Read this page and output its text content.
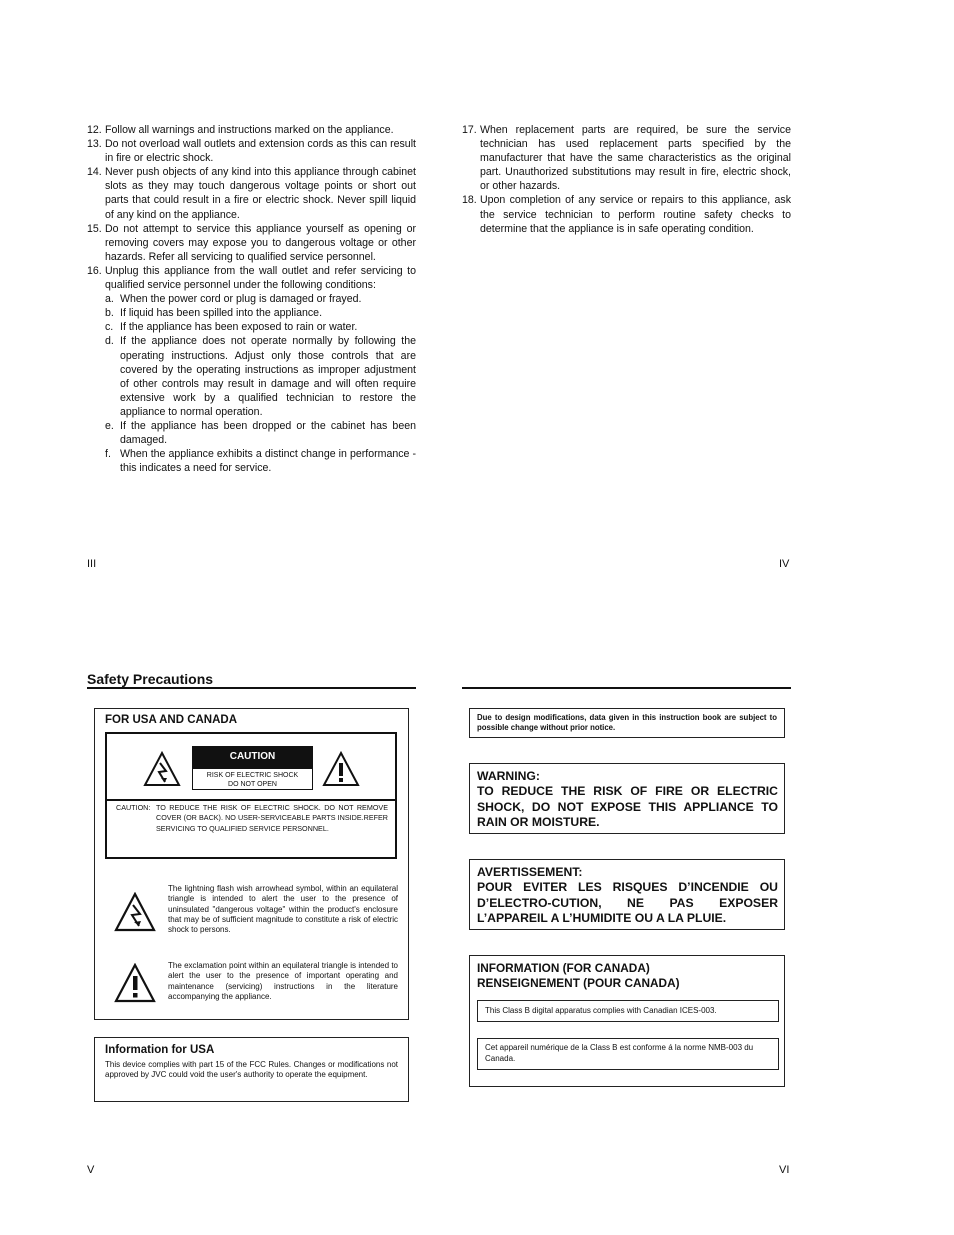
12. Follow all warnings and instructions marked on the appliance.
13. Do not overload wall outlets and extension cords as this can result in fire or electric shock.
14. Never push objects of any kind into this appliance through cabinet slots as they may touch dangerous voltage points or short out parts that could result in a fire or electric shock. Never spill liquid of any kind on the appliance.
15. Do not attempt to service this appliance yourself as opening or removing covers may expose you to dangerous voltage or other hazards. Refer all servicing to qualified service personnel.
16. Unplug this appliance from the wall outlet and refer servicing to qualified service personnel under the following conditions:
a. When the power cord or plug is damaged or frayed.
b. If liquid has been spilled into the appliance.
c. If the appliance has been exposed to rain or water.
d. If the appliance does not operate normally by following the operating instructions. Adjust only those controls that are covered by the operating instructions as improper adjustment of other controls may result in damage and will often require extensive work by a qualified technician to restore the appliance to normal operation.
e. If the appliance has been dropped or the cabinet has been damaged.
f. When the appliance exhibits a distinct change in performance - this indicates a need for service.
III
17. When replacement parts are required, be sure the service technician has used replacement parts specified by the manufacturer that have the same characteristics as the original part. Unauthorized substitutions may result in fire, electric shock, or other hazards.
18. Upon completion of any service or repairs to this appliance, ask the service technician to perform routine safety checks to determine that the appliance is in safe operating condition.
IV
Safety Precautions
FOR USA AND CANADA
CAUTION
RISK OF ELECTRIC SHOCK
DO NOT OPEN
CAUTION: TO REDUCE THE RISK OF ELECTRIC SHOCK. DO NOT REMOVE COVER (OR BACK). NO USER-SERVICEABLE PARTS INSIDE.REFER SERVICING TO QUALIFIED SERVICE PERSONNEL.
The lightning flash wish arrowhead symbol, within an equilateral triangle is intended to alert the user to the presence of uninsulated "dangerous voltage" within the product's enclosure that may be of sufficient magnitude to constitute a risk of electric shock to persons.
The exclamation point within an equilateral triangle is intended to alert the user to the presence of important operating and maintenance (servicing) instructions in the literature accompanying the appliance.
Information for USA
This device complies with part 15 of the FCC Rules. Changes or modifications not approved by JVC could void the user's authority to operate the equipment.
V
Due to design modifications, data given in this instruction book are subject to possible change without prior notice.
WARNING:
TO REDUCE THE RISK OF FIRE OR ELECTRIC SHOCK, DO NOT EXPOSE THIS APPLIANCE TO RAIN OR MOISTURE.
AVERTISSEMENT:
POUR EVITER LES RISQUES D’INCENDIE OU D’ELECTRO-CUTION, NE PAS EXPOSER L’APPAREIL A L’HUMIDITE OU A LA PLUIE.
INFORMATION (FOR CANADA)
RENSEIGNEMENT (POUR CANADA)
This Class B digital apparatus complies with Canadian ICES-003.
Cet appareil numérique de la Class B est conforme á la norme NMB-003 du Canada.
VI
